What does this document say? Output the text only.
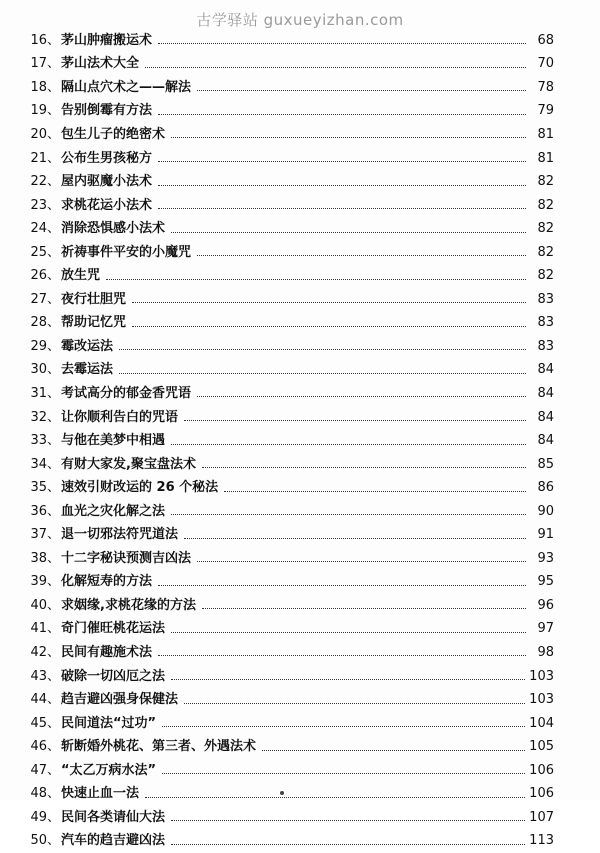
古学驿站 guxueyizhan.com
16 、 茅山肿瘤搬运术	68
17 、 茅山法术大全	70
18 、 隔山点穴术之——解法	78
19 、 告别倒霉有方法	79
20 、 包生儿子的绝密术	81
21 、 公布生男孩秘方	81
22 、 屋内驱魔小法术	82
23 、 求桃花运小法术	82
24 、 消除恐惧感小法术	82
25 、 祈祷事件平安的小魔咒	82
26 、 放生咒	82
27 、 夜行壮胆咒	83
28 、 帮助记忆咒	83
29 、 霉改运法	83
30 、 去霉运法	84
31 、 考试高分的郁金香咒语	84
32 、 让你顺利告白的咒语	84
33 、 与他在美梦中相遇	84
34 、 有财大家发,聚宝盘法术	85
35 、 速效引财改运的 26 个秘法	86
36 、 血光之灾化解之法	90
37 、 退一切邪法符咒道法	91
38 、 十二字秘诀预测吉凶法	93
39 、 化解短寿的方法	95
40 、 求姻缘,求桃花缘的方法	96
41 、 奇门催旺桃花运法	97
42 、 民间有趣施术法	98
43 、 破除一切凶厄之法	103
44 、 趋吉避凶强身保健法	103
45 、 民间道法“过功”	104
46 、 斩断婚外桃花、第三者、外遇法术	105
47 、 “太乙万病水法”	106
48 、 快速止血一法	106
49 、 民间各类请仙大法	107
50 、 汽车的趋吉避凶法	113
